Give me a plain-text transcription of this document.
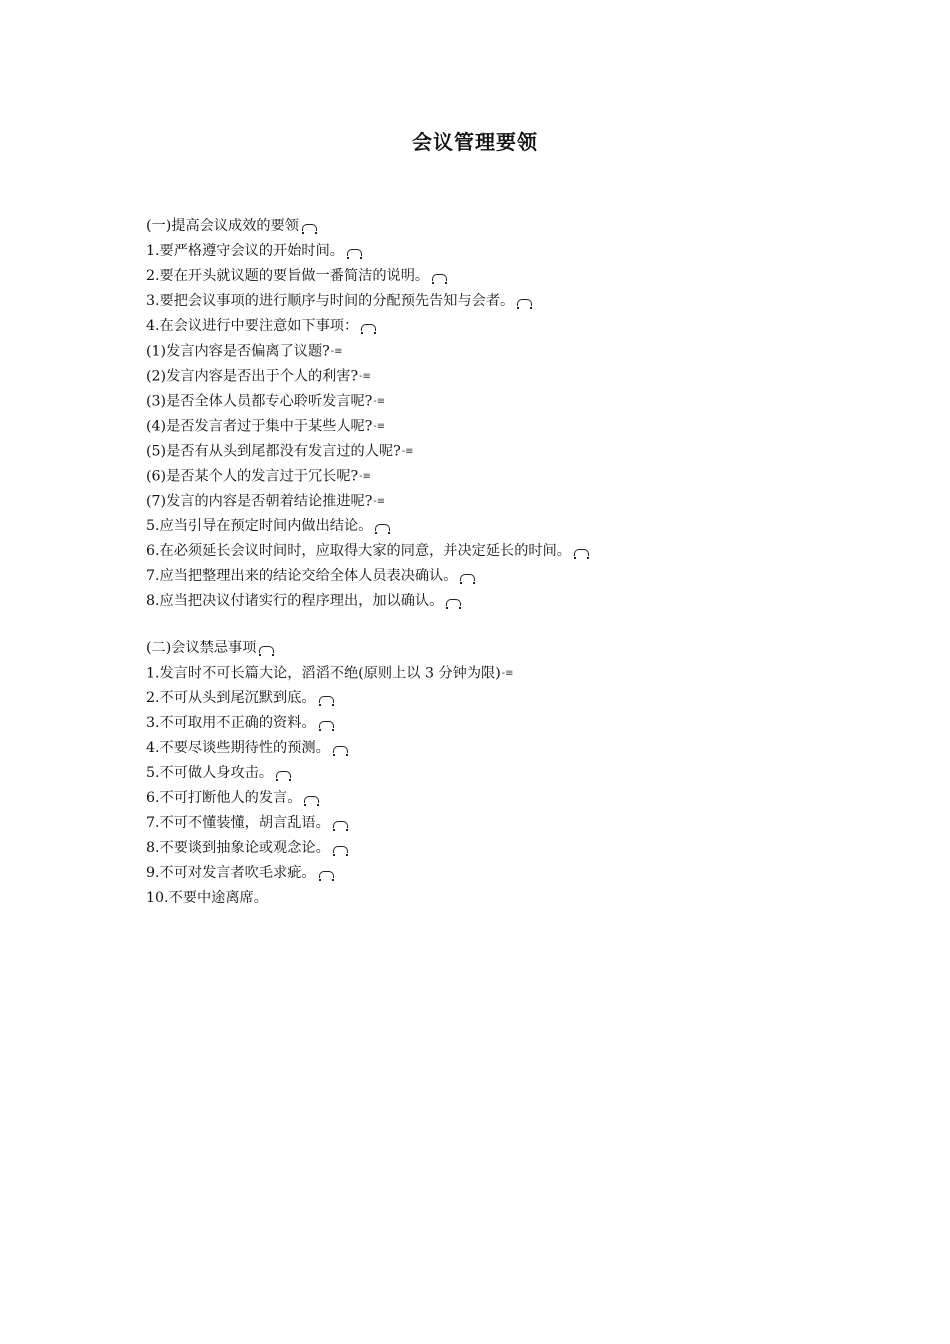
会议管理要领
(一)提高会议成效的要领
1.要严格遵守会议的开始时间。
2.要在开头就议题的要旨做一番简洁的说明。
3.要把会议事项的进行顺序与时间的分配预先告知与会者。
4.在会议进行中要注意如下事项：
(1)发言内容是否偏离了议题?-≡
(2)发言内容是否出于个人的利害?-≡
(3)是否全体人员都专心聆听发言呢?-≡
(4)是否发言者过于集中于某些人呢?-≡
(5)是否有从头到尾都没有发言过的人呢?-≡
(6)是否某个人的发言过于冗长呢?-≡
(7)发言的内容是否朝着结论推进呢?-≡
5.应当引导在预定时间内做出结论。
6.在必须延长会议时间时，应取得大家的同意，并决定延长的时间。
7.应当把整理出来的结论交给全体人员表决确认。
8.应当把决议付诸实行的程序理出，加以确认。
(二)会议禁忌事项
1.发言时不可长篇大论，滔滔不绝(原则上以 3 分钟为限)-≡
2.不可从头到尾沉默到底。
3.不可取用不正确的资料。
4.不要尽谈些期待性的预测。
5.不可做人身攻击。
6.不可打断他人的发言。
7.不可不懂装懂，胡言乱语。
8.不要谈到抽象论或观念论。
9.不可对发言者吹毛求疵。
10.不要中途离席。
